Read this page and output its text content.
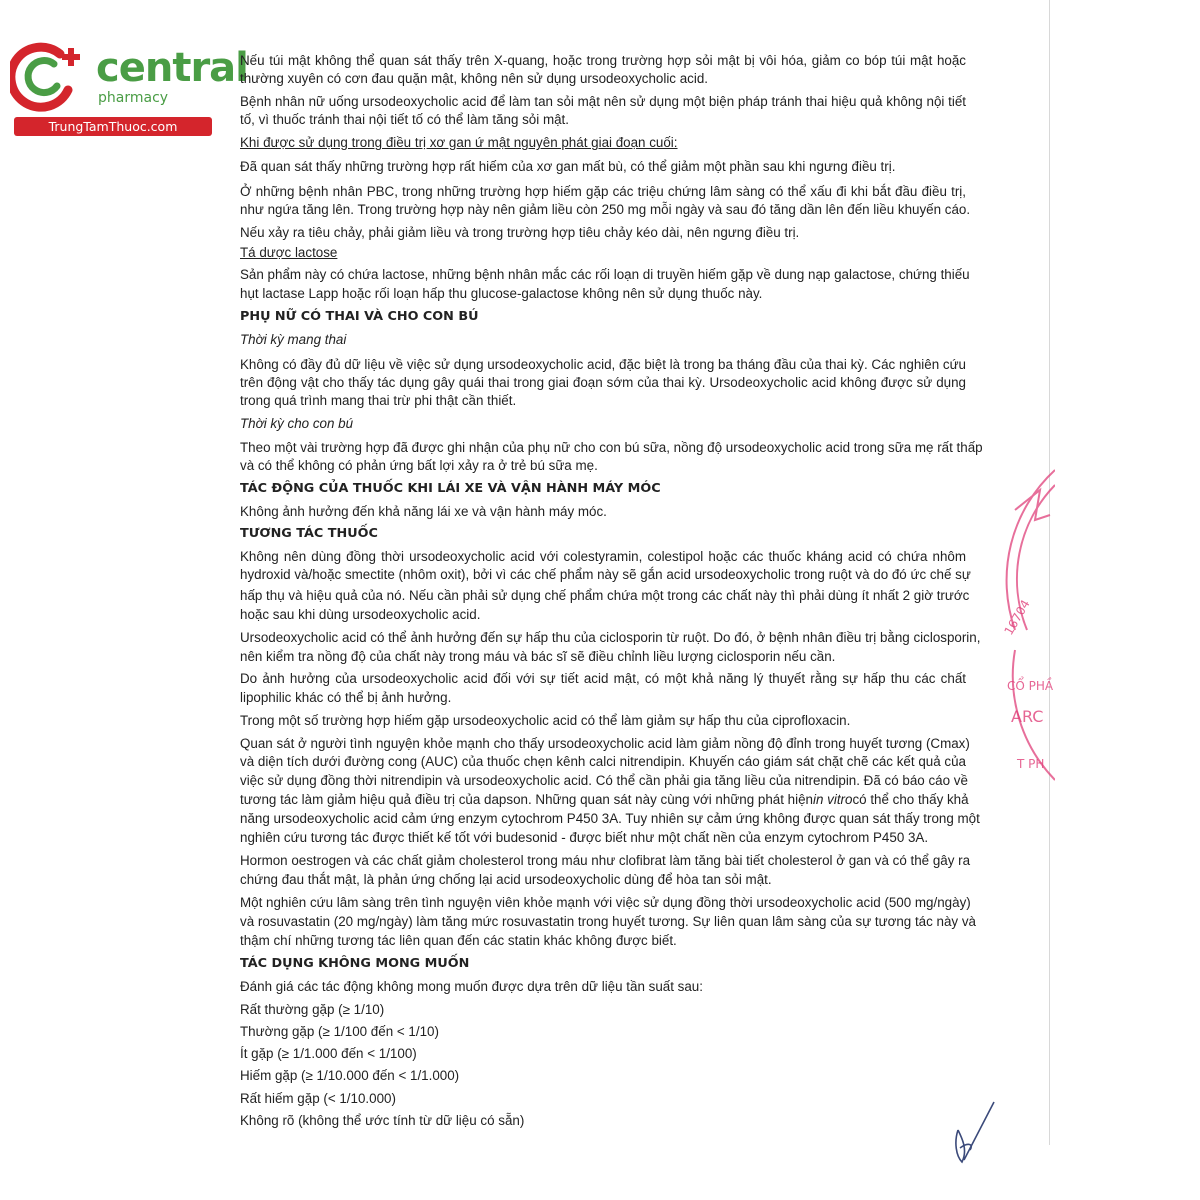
central
pharmacy
TrungTamThuoc.com
Nếu túi mật không thể quan sát thấy trên X-quang, hoặc trong trường hợp sỏi mật bị vôi hóa, giảm co bóp túi mật hoặc
thường xuyên có cơn đau quặn mật, không nên sử dụng ursodeoxycholic acid.
Bệnh nhân nữ uống ursodeoxycholic acid để làm tan sỏi mật nên sử dụng một biện pháp tránh thai hiệu quả không nội tiết
tố, vì thuốc tránh thai nội tiết tố có thể làm tăng sỏi mật.
Khi được sử dụng trong điều trị xơ gan ứ mật nguyên phát giai đoạn cuối:
Đã quan sát thấy những trường hợp rất hiếm của xơ gan mất bù, có thể giảm một phần sau khi ngưng điều trị.
Ở những bệnh nhân PBC, trong những trường hợp hiếm gặp các triệu chứng lâm sàng có thể xấu đi khi bắt đầu điều trị,
như ngứa tăng lên. Trong trường hợp này nên giảm liều còn 250 mg mỗi ngày và sau đó tăng dần lên đến liều khuyến cáo.
Nếu xảy ra tiêu chảy, phải giảm liều và trong trường hợp tiêu chảy kéo dài, nên ngưng điều trị.
Tá dược lactose
Sản phẩm này có chứa lactose, những bệnh nhân mắc các rối loạn di truyền hiếm gặp về dung nạp galactose, chứng thiếu
hụt lactase Lapp hoặc rối loạn hấp thu glucose-galactose không nên sử dụng thuốc này.
PHỤ NỮ CÓ THAI VÀ CHO CON BÚ
Thời kỳ mang thai
Không có đầy đủ dữ liệu về việc sử dụng ursodeoxycholic acid, đặc biệt là trong ba tháng đầu của thai kỳ. Các nghiên cứu
trên động vật cho thấy tác dụng gây quái thai trong giai đoạn sớm của thai kỳ. Ursodeoxycholic acid không được sử dụng
trong quá trình mang thai trừ phi thật cần thiết.
Thời kỳ cho con bú
Theo một vài trường hợp đã được ghi nhận của phụ nữ cho con bú sữa, nồng độ ursodeoxycholic acid trong sữa mẹ rất thấp
và có thể không có phản ứng bất lợi xảy ra ở trẻ bú sữa mẹ.
TÁC ĐỘNG CỦA THUỐC KHI LÁI XE VÀ VẬN HÀNH MÁY MÓC
Không ảnh hưởng đến khả năng lái xe và vận hành máy móc.
TƯƠNG TÁC THUỐC
Không nên dùng đồng thời ursodeoxycholic acid với colestyramin, colestipol hoặc các thuốc kháng acid có chứa nhôm
hydroxid và/hoặc smectite (nhôm oxit), bởi vì các chế phẩm này sẽ gắn acid ursodeoxycholic trong ruột và do đó ức chế sự
hấp thụ và hiệu quả của nó. Nếu cần phải sử dụng chế phẩm chứa một trong các chất này thì phải dùng ít nhất 2 giờ trước
hoặc sau khi dùng ursodeoxycholic acid.
Ursodeoxycholic acid có thể ảnh hưởng đến sự hấp thu của ciclosporin từ ruột. Do đó, ở bệnh nhân điều trị bằng ciclosporin,
nên kiểm tra nồng độ của chất này trong máu và bác sĩ sẽ điều chỉnh liều lượng ciclosporin nếu cần.
Do ảnh hưởng của ursodeoxycholic acid đối với sự tiết acid mật, có một khả năng lý thuyết rằng sự hấp thu các chất
lipophilic khác có thể bị ảnh hưởng.
Trong một số trường hợp hiếm gặp ursodeoxycholic acid có thể làm giảm sự hấp thu của ciprofloxacin.
Quan sát ở người tình nguyện khỏe mạnh cho thấy ursodeoxycholic acid làm giảm nồng độ đỉnh trong huyết tương (Cmax)
và diện tích dưới đường cong (AUC) của thuốc chẹn kênh calci nitrendipin. Khuyến cáo giám sát chặt chẽ các kết quả của
việc sử dụng đồng thời nitrendipin và ursodeoxycholic acid. Có thể cần phải gia tăng liều của nitrendipin. Đã có báo cáo về
tương tác làm giảm hiệu quả điều trị của dapson. Những quan sát này cùng với những phát hiện in vitro có thể cho thấy khả
năng ursodeoxycholic acid cảm ứng enzym cytochrom P450 3A. Tuy nhiên sự cảm ứng không được quan sát thấy trong một
nghiên cứu tương tác được thiết kế tốt với budesonid - được biết như một chất nền của enzym cytochrom P450 3A.
Hormon oestrogen và các chất giảm cholesterol trong máu như clofibrat làm tăng bài tiết cholesterol ở gan và có thể gây ra
chứng đau thắt mật, là phản ứng chống lại acid ursodeoxycholic dùng để hòa tan sỏi mật.
Một nghiên cứu lâm sàng trên tình nguyện viên khỏe mạnh với việc sử dụng đồng thời ursodeoxycholic acid (500 mg/ngày)
và rosuvastatin (20 mg/ngày) làm tăng mức rosuvastatin trong huyết tương. Sự liên quan lâm sàng của sự tương tác này và
thậm chí những tương tác liên quan đến các statin khác không được biết.
TÁC DỤNG KHÔNG MONG MUỐN
Đánh giá các tác động không mong muốn được dựa trên dữ liệu tần suất sau:
Rất thường gặp (≥ 1/10)
Thường gặp (≥ 1/100 đến < 1/10)
Ít gặp (≥ 1/1.000 đến < 1/100)
Hiếm gặp (≥ 1/10.000 đến < 1/1.000)
Rất hiếm gặp (< 1/10.000)
Không rõ (không thể ước tính từ dữ liệu có sẵn)
16704
CỔ PHẦ
ARC
T PH
